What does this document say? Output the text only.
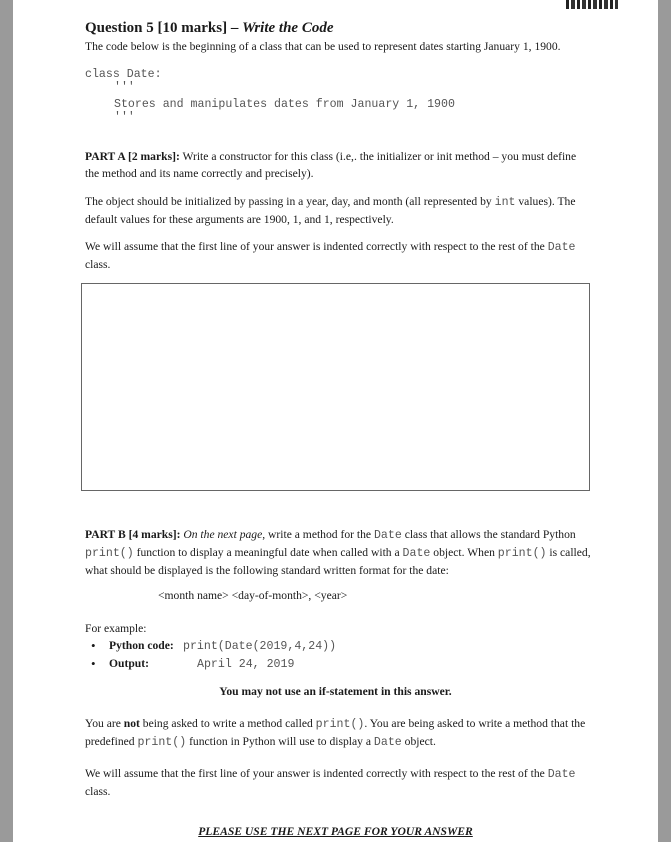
Question 5 [10 marks] – Write the Code
The code below is the beginning of a class that can be used to represent dates starting January 1, 1900.
class Date:
'''
Stores and manipulates dates from January 1, 1900
'''
PART A [2 marks]: Write a constructor for this class (i.e,. the initializer or init method – you must define the method and its name correctly and precisely).
The object should be initialized by passing in a year, day, and month (all represented by int values). The default values for these arguments are 1900, 1, and 1, respectively.
We will assume that the first line of your answer is indented correctly with respect to the rest of the Date class.
PART B [4 marks]: On the next page, write a method for the Date class that allows the standard Python print() function to display a meaningful date when called with a Date object. When print() is called, what should be displayed is the following standard written format for the date:
<month name> <day-of-month>, <year>
For example:
• Python code: print(Date(2019,4,24))
• Output:	April 24, 2019
You may not use an if-statement in this answer.
You are not being asked to write a method called print(). You are being asked to write a method that the predefined print() function in Python will use to display a Date object.
We will assume that the first line of your answer is indented correctly with respect to the rest of the Date class.
PLEASE USE THE NEXT PAGE FOR YOUR ANSWER
